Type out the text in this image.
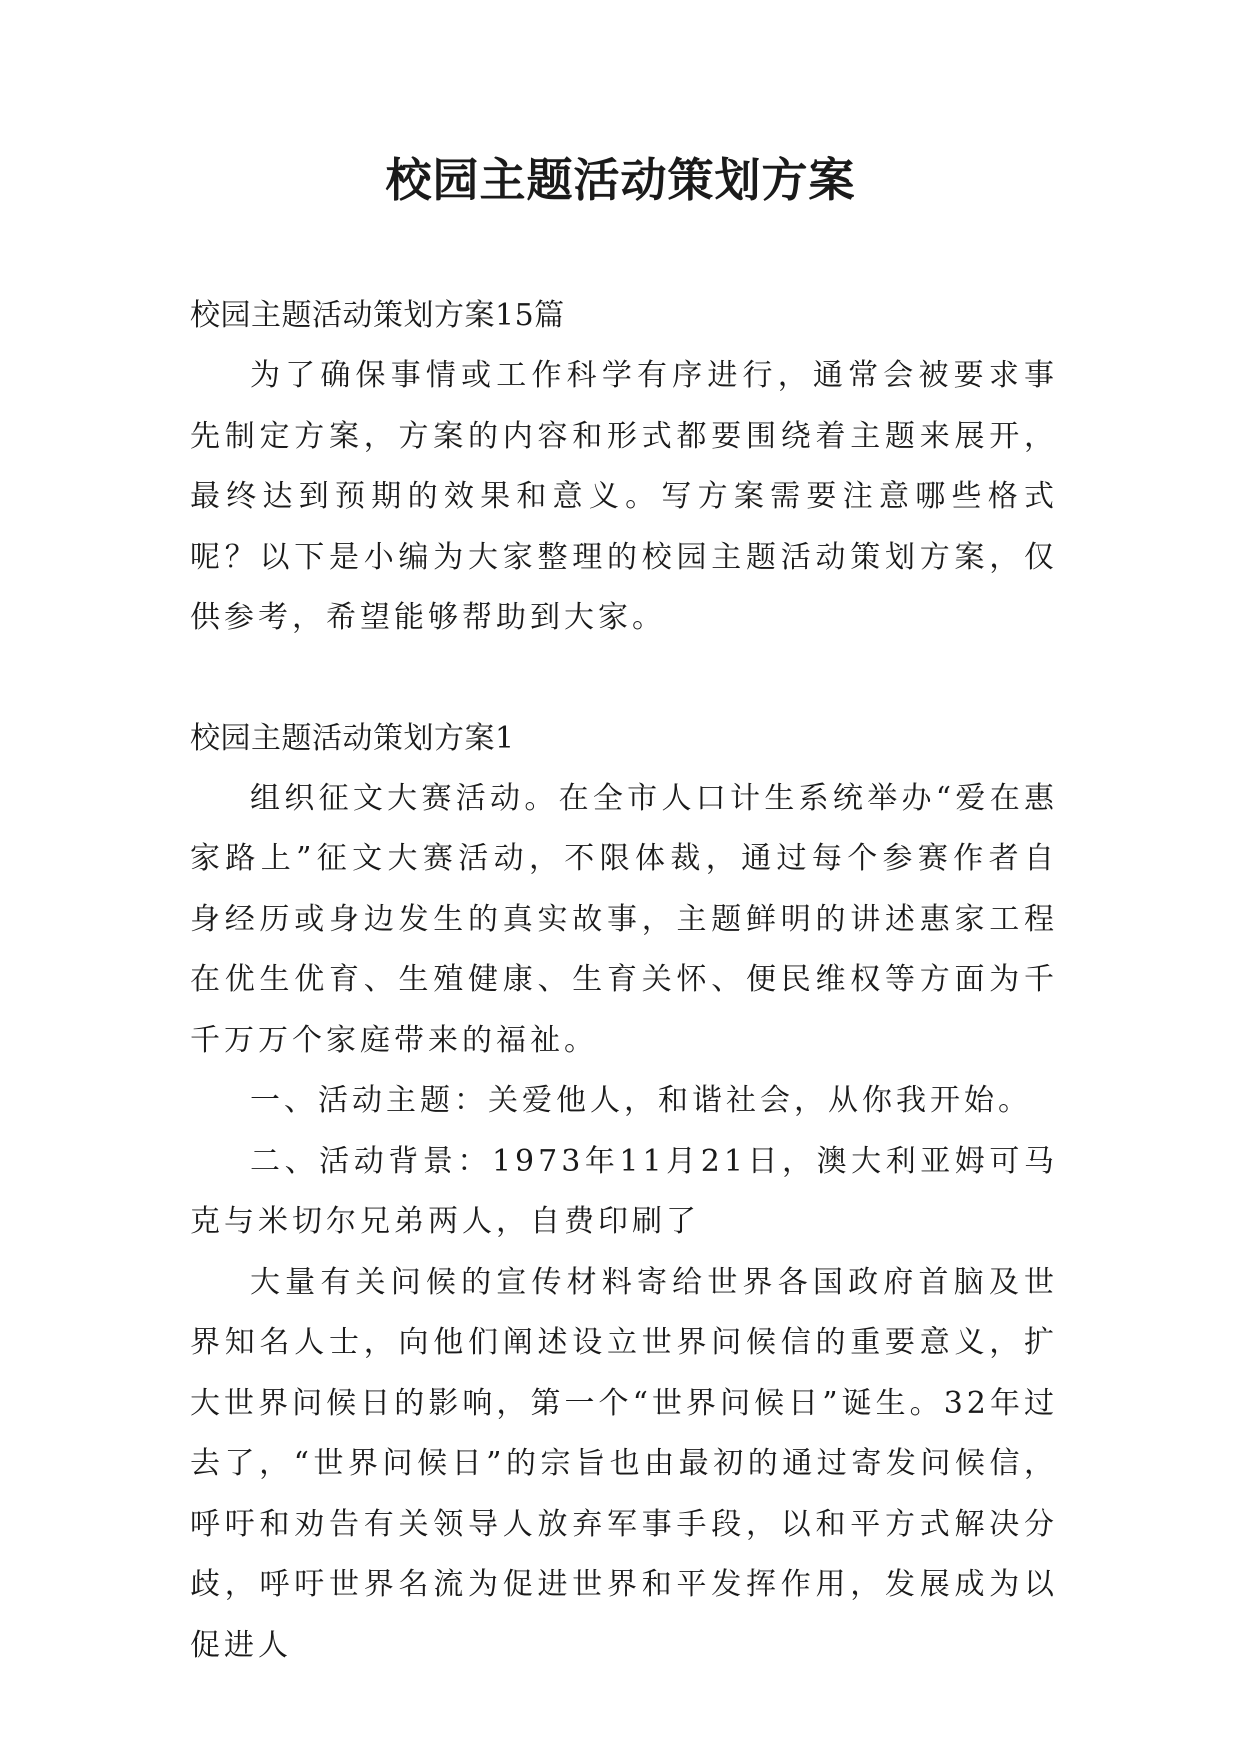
校园主题活动策划方案

校园主题活动策划方案15篇

为了确保事情或工作科学有序进行，通常会被要求事先制定方案，方案的内容和形式都要围绕着主题来展开，最终达到预期的效果和意义。写方案需要注意哪些格式呢？以下是小编为大家整理的校园主题活动策划方案，仅供参考，希望能够帮助到大家。

校园主题活动策划方案1

组织征文大赛活动。在全市人口计生系统举办“爱在惠家路上”征文大赛活动，不限体裁，通过每个参赛作者自身经历或身边发生的真实故事，主题鲜明的讲述惠家工程在优生优育、生殖健康、生育关怀、便民维权等方面为千千万万个家庭带来的福祉。

一、活动主题：关爱他人，和谐社会，从你我开始。

二、活动背景：1973年11月21日，澳大利亚姆可马克与米切尔兄弟两人，自费印刷了

大量有关问候的宣传材料寄给世界各国政府首脑及世界知名人士，向他们阐述设立世界问候信的重要意义，扩大世界问候日的影响，第一个“世界问候日”诞生。32年过去了，“世界问候日”的宗旨也由最初的通过寄发问候信，呼吁和劝告有关领导人放弃军事手段，以和平方式解决分歧，呼吁世界名流为促进世界和平发挥作用，发展成为以促进人
